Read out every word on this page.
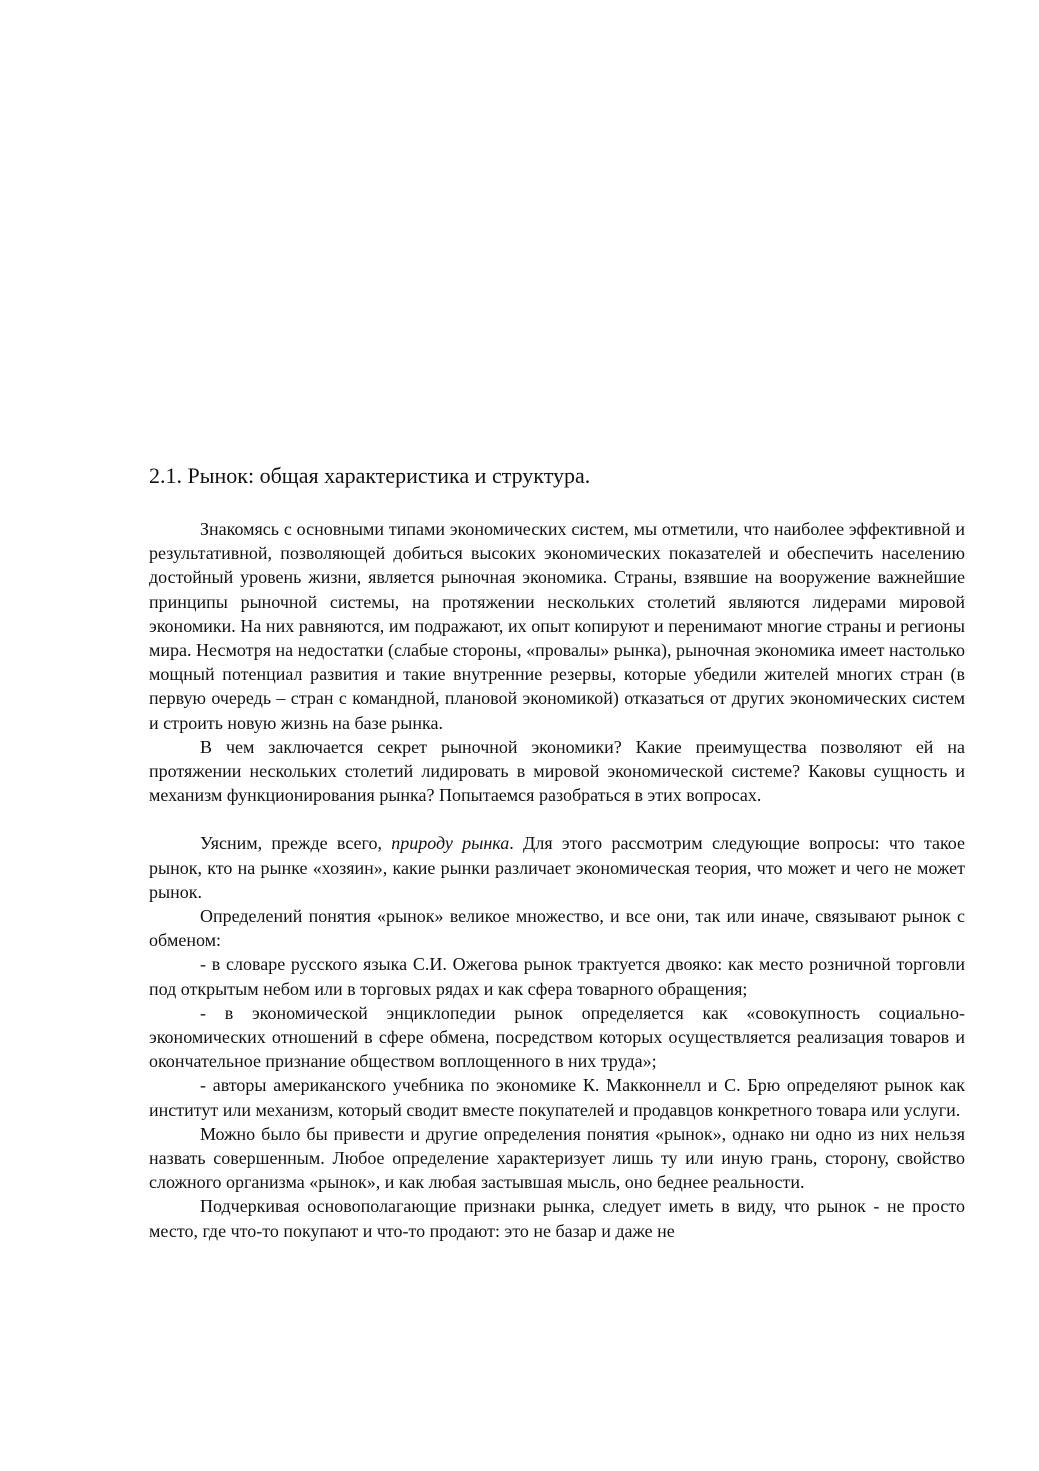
2.1. Рынок: общая характеристика и структура.

Знакомясь с основными типами экономических систем, мы отметили, что наиболее эффективной и результативной, позволяющей добиться высоких экономических показателей и обеспечить населению достойный уровень жизни, является рыночная экономика. Страны, взявшие на вооружение важнейшие принципы рыночной системы, на протяжении нескольких столетий являются лидерами мировой экономики. На них равняются, им подражают, их опыт копируют и перенимают многие страны и регионы мира. Несмотря на недостатки (слабые стороны, «провалы» рынка), рыночная экономика имеет настолько мощный потенциал развития и такие внутренние резервы, которые убедили жителей многих стран (в первую очередь – стран с командной, плановой экономикой) отказаться от других экономических систем и строить новую жизнь на базе рынка.

В чем заключается секрет рыночной экономики? Какие преимущества позволяют ей на протяжении нескольких столетий лидировать в мировой экономической системе? Каковы сущность и механизм функционирования рынка? Попытаемся разобраться в этих вопросах.

Уясним, прежде всего, природу рынка. Для этого рассмотрим следующие вопросы: что такое рынок, кто на рынке «хозяин», какие рынки различает экономическая теория, что может и чего не может рынок.

Определений понятия «рынок» великое множество, и все они, так или иначе, связывают рынок с обменом:

- в словаре русского языка С.И. Ожегова рынок трактуется двояко: как место розничной торговли под открытым небом или в торговых рядах и как сфера товарного обращения;

- в экономической энциклопедии рынок определяется как «совокупность социально-экономических отношений в сфере обмена, посредством которых осуществляется реализация товаров и окончательное признание обществом воплощенного в них труда»;

- авторы американского учебника по экономике К. Макконнелл и С. Брю определяют рынок как институт или механизм, который сводит вместе покупателей и продавцов конкретного товара или услуги.

Можно было бы привести и другие определения понятия «рынок», однако ни одно из них нельзя назвать совершенным. Любое определение характеризует лишь ту или иную грань, сторону, свойство сложного организма «рынок», и как любая застывшая мысль, оно беднее реальности.

Подчеркивая основополагающие признаки рынка, следует иметь в виду, что рынок - не просто место, где что-то покупают и что-то продают: это не базар и даже не
